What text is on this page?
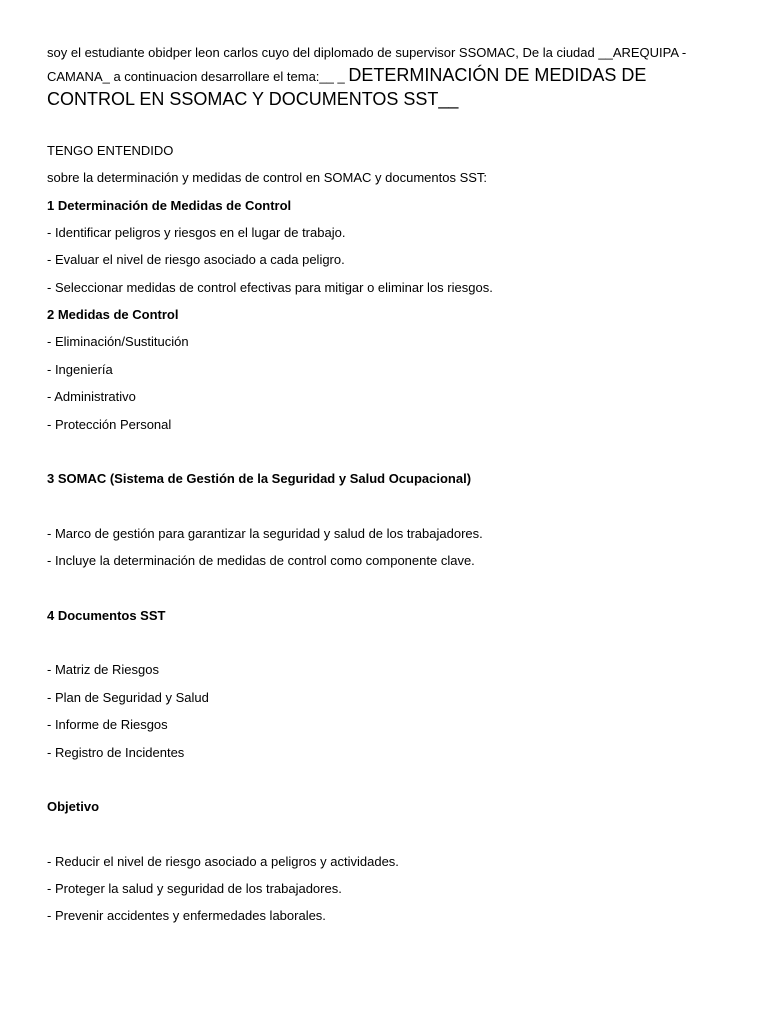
soy el estudiante obidper leon carlos cuyo del diplomado de supervisor SSOMAC, De la ciudad __AREQUIPA - CAMANA_ a continuacion desarrollare el tema:__ _ DETERMINACIÓN DE MEDIDAS DE CONTROL EN SSOMAC Y DOCUMENTOS SST__
TENGO ENTENDIDO
sobre la determinación y medidas de control en SOMAC y documentos SST:
1 Determinación de Medidas de Control
- Identificar peligros y riesgos en el lugar de trabajo.
- Evaluar el nivel de riesgo asociado a cada peligro.
- Seleccionar medidas de control efectivas para mitigar o eliminar los riesgos.
2 Medidas de Control
- Eliminación/Sustitución
- Ingeniería
- Administrativo
- Protección Personal
3 SOMAC (Sistema de Gestión de la Seguridad y Salud Ocupacional)
- Marco de gestión para garantizar la seguridad y salud de los trabajadores.
- Incluye la determinación de medidas de control como componente clave.
4 Documentos SST
- Matriz de Riesgos
- Plan de Seguridad y Salud
- Informe de Riesgos
- Registro de Incidentes
Objetivo
- Reducir el nivel de riesgo asociado a peligros y actividades.
- Proteger la salud y seguridad de los trabajadores.
- Prevenir accidentes y enfermedades laborales.
